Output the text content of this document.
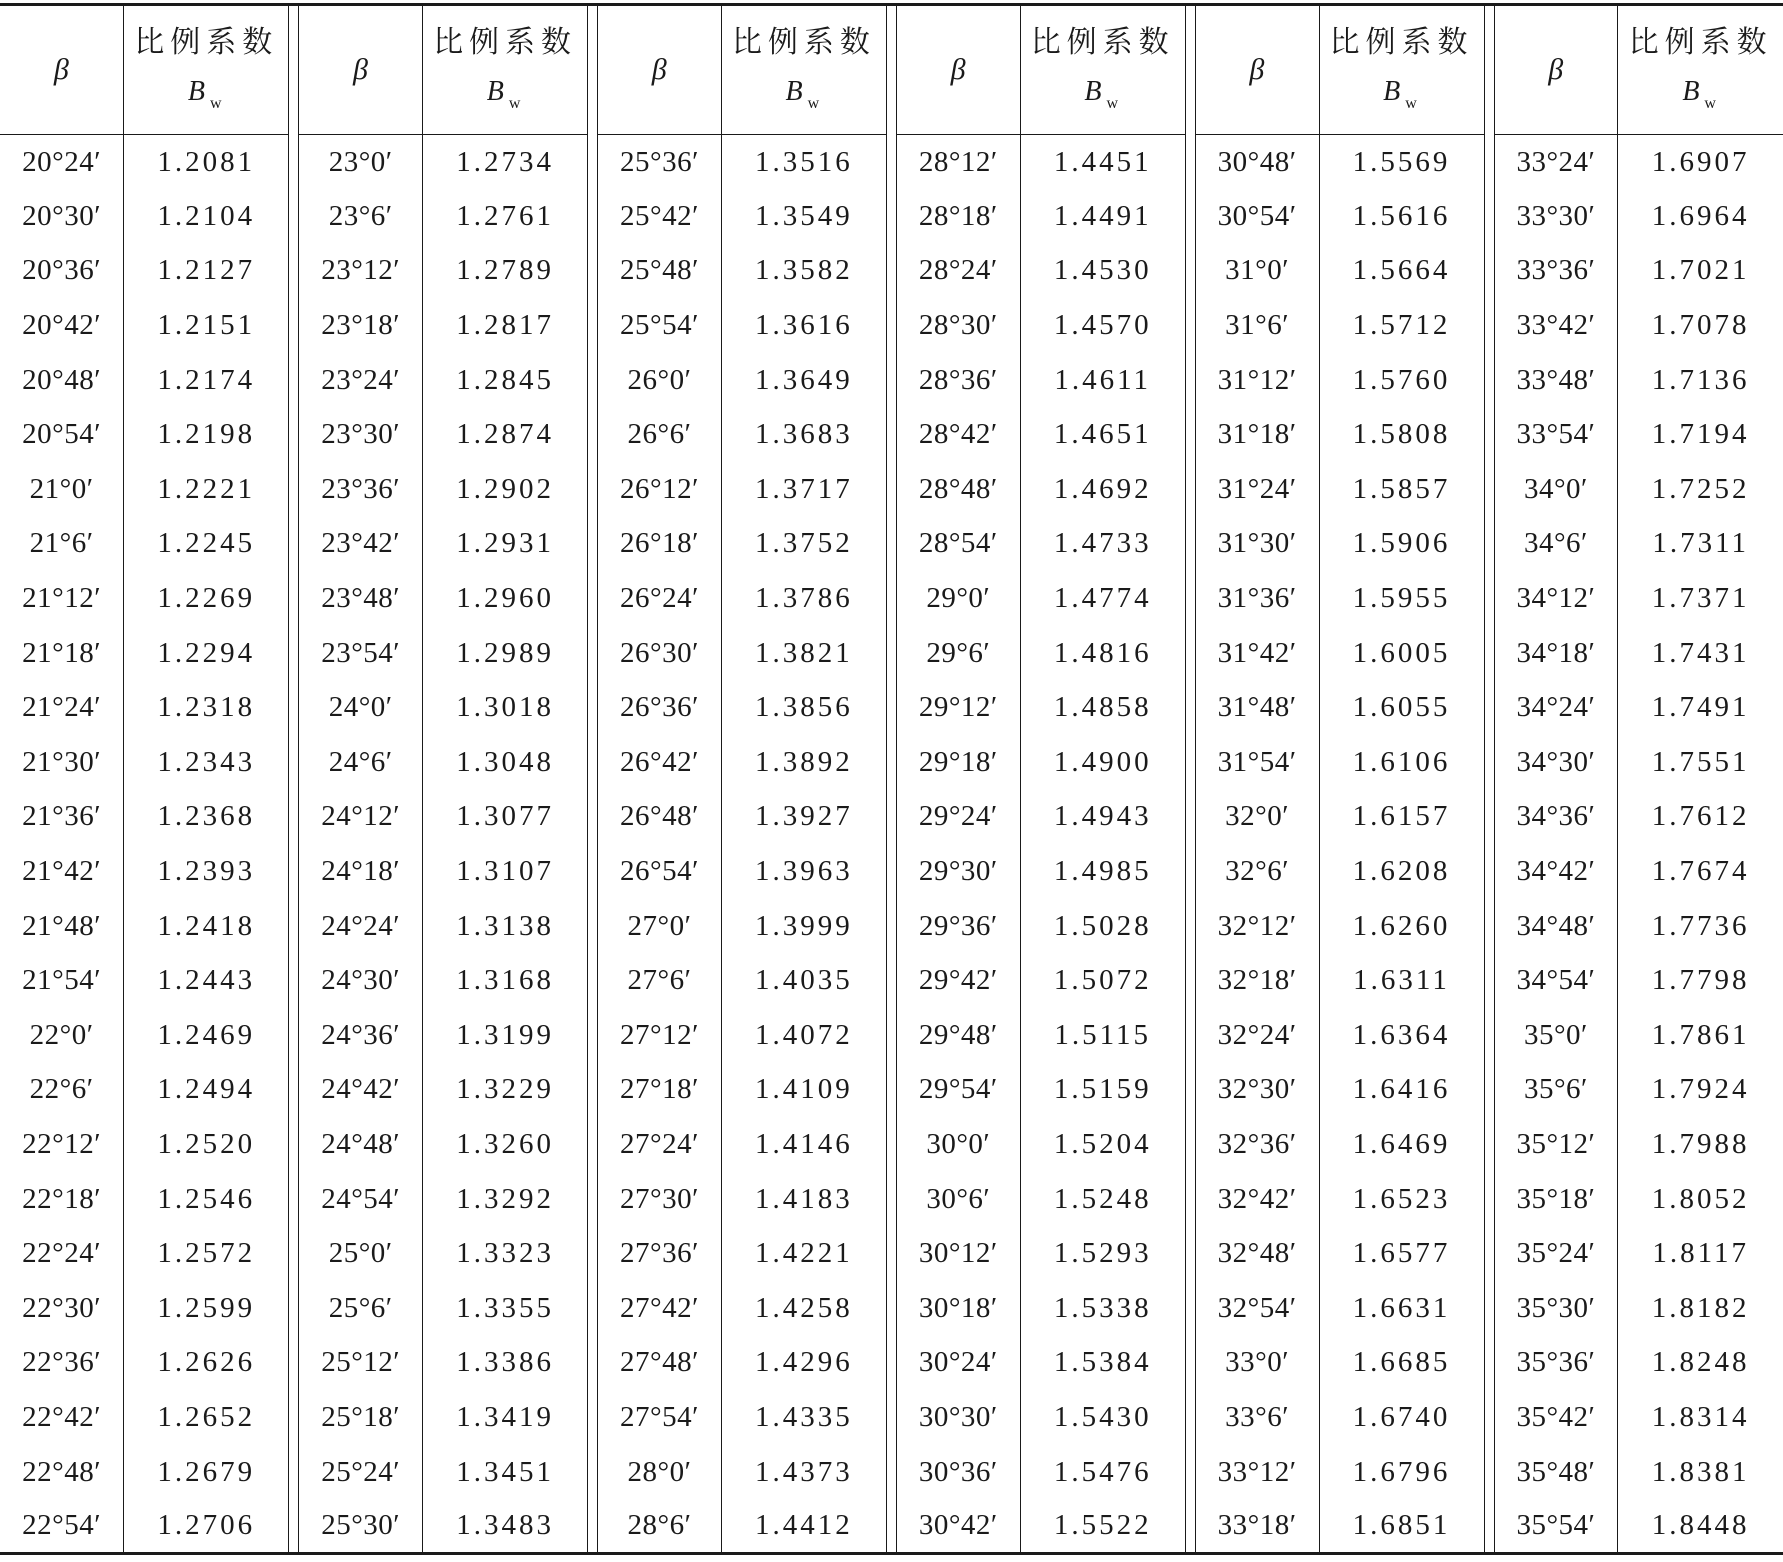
β	比例系数
B $_w$		β	比例系数
B $_w$		β	比例系数
B $_w$		β	比例系数
B $_w$		β	比例系数
B $_w$		β	比例系数
B $_w$

20°24′	1.2081		23°0′	1.2734		25°36′	1.3516		28°12′	1.4451		30°48′	1.5569		33°24′	1.6907
20°30′	1.2104		23°6′	1.2761		25°42′	1.3549		28°18′	1.4491		30°54′	1.5616		33°30′	1.6964
20°36′	1.2127		23°12′	1.2789		25°48′	1.3582		28°24′	1.4530		31°0′	1.5664		33°36′	1.7021
20°42′	1.2151		23°18′	1.2817		25°54′	1.3616		28°30′	1.4570		31°6′	1.5712		33°42′	1.7078
20°48′	1.2174		23°24′	1.2845		26°0′	1.3649		28°36′	1.4611		31°12′	1.5760		33°48′	1.7136
20°54′	1.2198		23°30′	1.2874		26°6′	1.3683		28°42′	1.4651		31°18′	1.5808		33°54′	1.7194
21°0′	1.2221		23°36′	1.2902		26°12′	1.3717		28°48′	1.4692		31°24′	1.5857		34°0′	1.7252
21°6′	1.2245		23°42′	1.2931		26°18′	1.3752		28°54′	1.4733		31°30′	1.5906		34°6′	1.7311
21°12′	1.2269		23°48′	1.2960		26°24′	1.3786		29°0′	1.4774		31°36′	1.5955		34°12′	1.7371
21°18′	1.2294		23°54′	1.2989		26°30′	1.3821		29°6′	1.4816		31°42′	1.6005		34°18′	1.7431
21°24′	1.2318		24°0′	1.3018		26°36′	1.3856		29°12′	1.4858		31°48′	1.6055		34°24′	1.7491
21°30′	1.2343		24°6′	1.3048		26°42′	1.3892		29°18′	1.4900		31°54′	1.6106		34°30′	1.7551
21°36′	1.2368		24°12′	1.3077		26°48′	1.3927		29°24′	1.4943		32°0′	1.6157		34°36′	1.7612
21°42′	1.2393		24°18′	1.3107		26°54′	1.3963		29°30′	1.4985		32°6′	1.6208		34°42′	1.7674
21°48′	1.2418		24°24′	1.3138		27°0′	1.3999		29°36′	1.5028		32°12′	1.6260		34°48′	1.7736
21°54′	1.2443		24°30′	1.3168		27°6′	1.4035		29°42′	1.5072		32°18′	1.6311		34°54′	1.7798
22°0′	1.2469		24°36′	1.3199		27°12′	1.4072		29°48′	1.5115		32°24′	1.6364		35°0′	1.7861
22°6′	1.2494		24°42′	1.3229		27°18′	1.4109		29°54′	1.5159		32°30′	1.6416		35°6′	1.7924
22°12′	1.2520		24°48′	1.3260		27°24′	1.4146		30°0′	1.5204		32°36′	1.6469		35°12′	1.7988
22°18′	1.2546		24°54′	1.3292		27°30′	1.4183		30°6′	1.5248		32°42′	1.6523		35°18′	1.8052
22°24′	1.2572		25°0′	1.3323		27°36′	1.4221		30°12′	1.5293		32°48′	1.6577		35°24′	1.8117
22°30′	1.2599		25°6′	1.3355		27°42′	1.4258		30°18′	1.5338		32°54′	1.6631		35°30′	1.8182
22°36′	1.2626		25°12′	1.3386		27°48′	1.4296		30°24′	1.5384		33°0′	1.6685		35°36′	1.8248
22°42′	1.2652		25°18′	1.3419		27°54′	1.4335		30°30′	1.5430		33°6′	1.6740		35°42′	1.8314
22°48′	1.2679		25°24′	1.3451		28°0′	1.4373		30°36′	1.5476		33°12′	1.6796		35°48′	1.8381
22°54′	1.2706		25°30′	1.3483		28°6′	1.4412		30°42′	1.5522		33°18′	1.6851		35°54′	1.8448
